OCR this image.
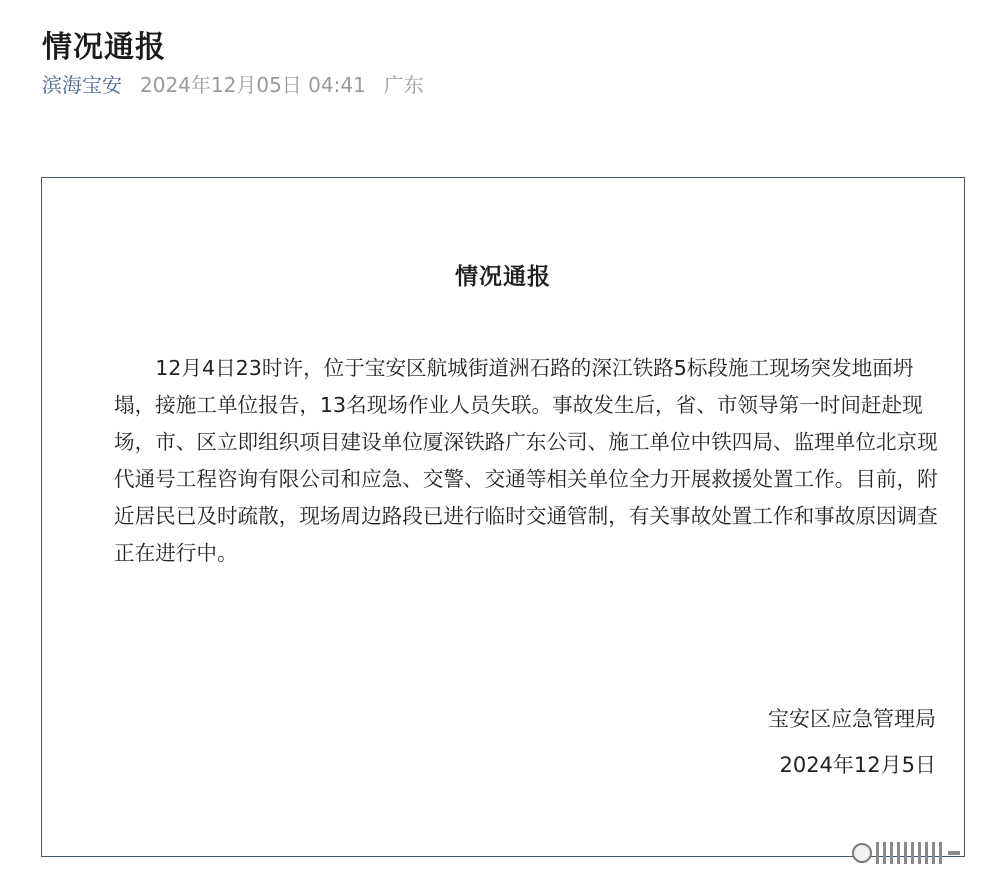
情况通报
滨海宝安 2024年12月05日 04:41 广东
情况通报

12月4日23时许，位于宝安区航城街道洲石路的深江铁路5标段施工现场突发地面坍塌，接施工单位报告，13名现场作业人员失联。事故发生后，省、市领导第一时间赶赴现场，市、区立即组织项目建设单位厦深铁路广东公司、施工单位中铁四局、监理单位北京现代通号工程咨询有限公司和应急、交警、交通等相关单位全力开展救援处置工作。目前，附近居民已及时疏散，现场周边路段已进行临时交通管制，有关事故处置工作和事故原因调查正在进行中。

宝安区应急管理局
2024年12月5日
